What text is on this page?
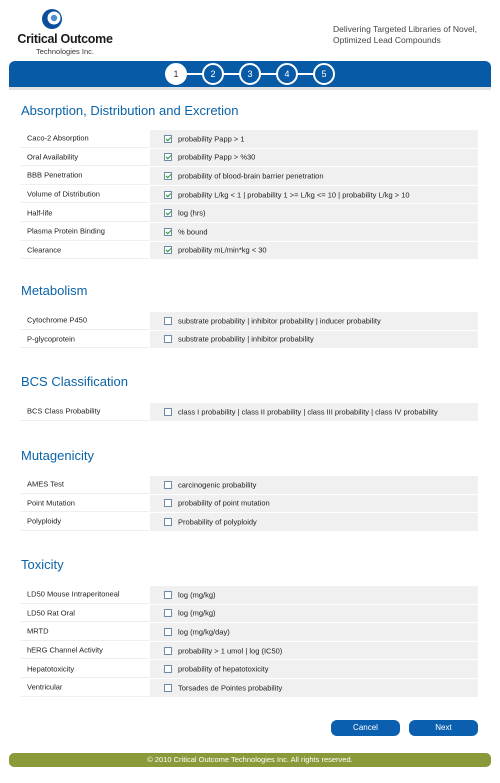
Critical Outcome
Technologies Inc.
Delivering Targeted Libraries of Novel,
Optimized Lead Compounds
1	2	3	4	5
Absorption, Distribution and Excretion
Caco-2 Absorption	probability Papp > 1
Oral Availability	probability Papp > %30
BBB Penetration	probability of blood-brain barrier penetration
Volume of Distribution	probability L/kg < 1 | probability 1 >= L/kg <= 10 | probability L/kg > 10
Half-life	log (hrs)
Plasma Protein Binding	% bound
Clearance	probability mL/min*kg < 30
Metabolism
Cytochrome P450	substrate probability | inhibitor probability | inducer probability
P-glycoprotein	substrate probability | inhibitor probability
BCS Classification
BCS Class Probability	class I probability | class II probability | class III probability | class IV probability
Mutagenicity
AMES Test	carcinogenic probability
Point Mutation	probability of point mutation
Polyploidy	Probability of polyploidy
Toxicity
LD50 Mouse Intraperitoneal	log (mg/kg)
LD50 Rat Oral	log (mg/kg)
MRTD	log (mg/kg/day)
hERG Channel Activity	probability > 1 umol | log (IC50)
Hepatotoxicity	probability of hepatotoxicity
Ventricular	Torsades de Pointes probability
Cancel	Next
© 2010 Critical Outcome Technologies Inc. All rights reserved.
